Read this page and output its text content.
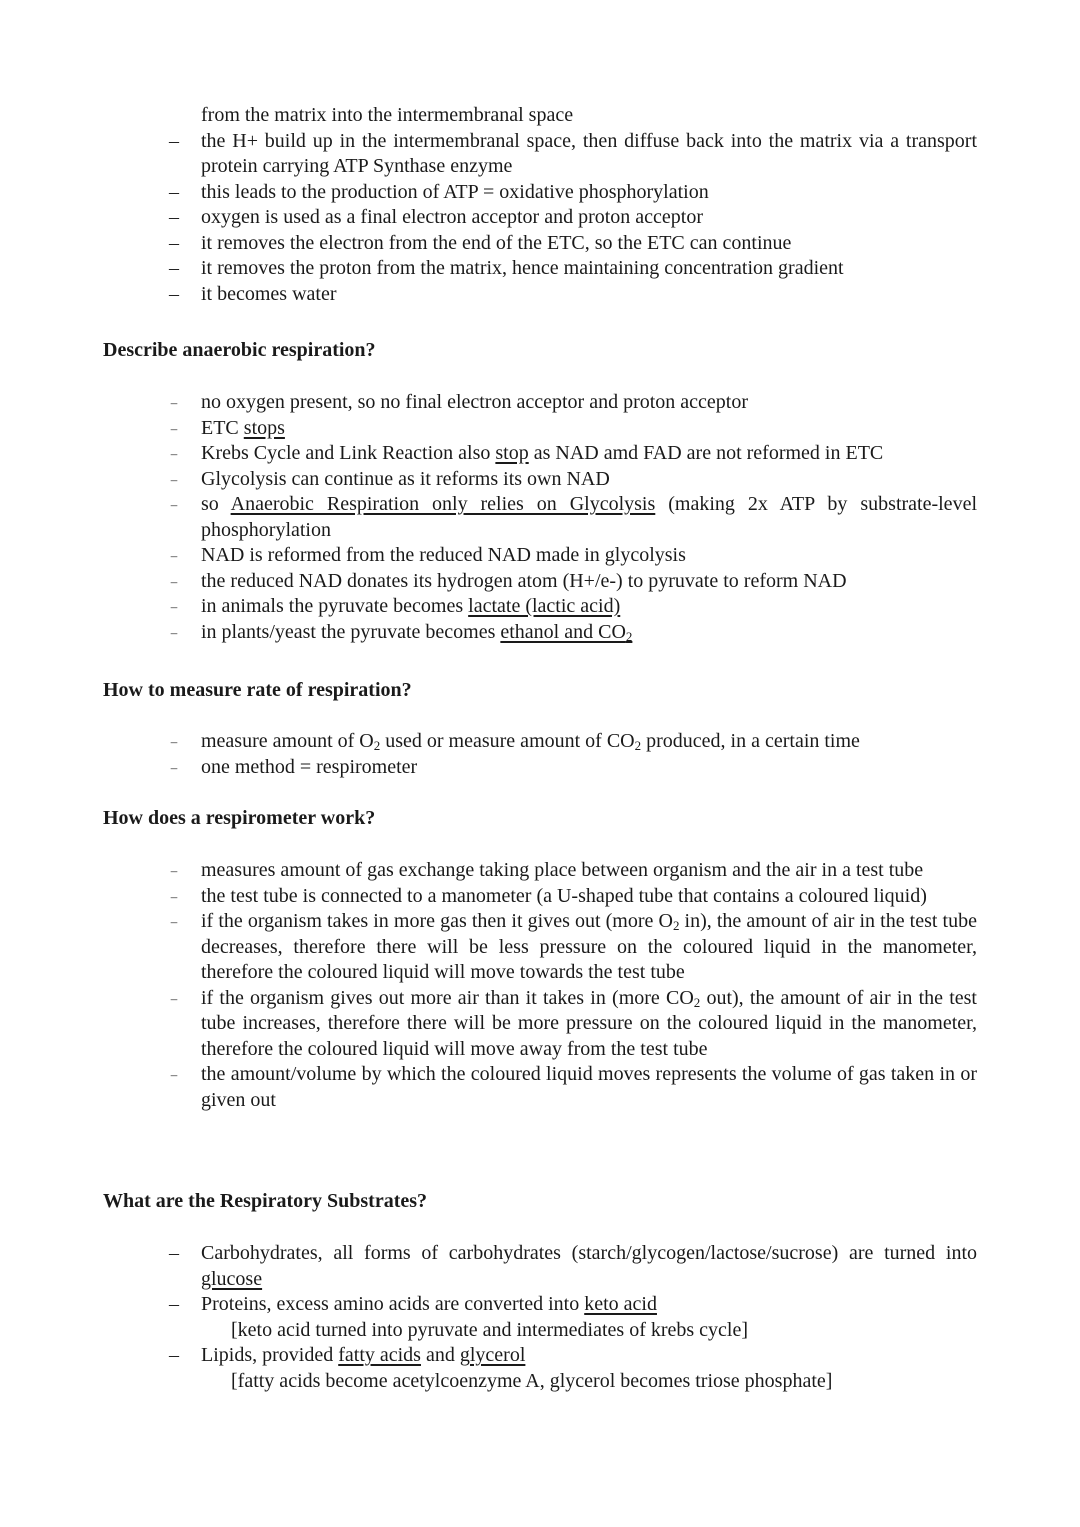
from the matrix into the intermembranal space
– the H+ build up in the intermembranal space, then diffuse back into the matrix via a transport protein carrying ATP Synthase enzyme
– this leads to the production of ATP = oxidative phosphorylation
– oxygen is used as a final electron acceptor and proton acceptor
– it removes the electron from the end of the ETC, so the ETC can continue
– it removes the proton from the matrix, hence maintaining concentration gradient
– it becomes water
Describe anaerobic respiration?
– no oxygen present, so no final electron acceptor and proton acceptor
– ETC stops
– Krebs Cycle and Link Reaction also stop as NAD amd FAD are not reformed in ETC
– Glycolysis can continue as it reforms its own NAD
– so Anaerobic Respiration only relies on Glycolysis (making 2x ATP by substrate-level phosphorylation
– NAD is reformed from the reduced NAD made in glycolysis
– the reduced NAD donates its hydrogen atom (H+/e-) to pyruvate to reform NAD
– in animals the pyruvate becomes lactate (lactic acid)
– in plants/yeast the pyruvate becomes ethanol and $CO_2$
How to measure rate of respiration?
– measure amount of $O_2$ used or measure amount of $CO_2$ produced, in a certain time
– one method = respirometer
How does a respirometer work?
– measures amount of gas exchange taking place between organism and the air in a test tube
– the test tube is connected to a manometer (a U-shaped tube that contains a coloured liquid)
– if the organism takes in more gas then it gives out (more $O_2$ in), the amount of air in the test tube decreases, therefore there will be less pressure on the coloured liquid in the manometer, therefore the coloured liquid will move towards the test tube
– if the organism gives out more air than it takes in (more $CO_2$ out), the amount of air in the test tube increases, therefore there will be more pressure on the coloured liquid in the manometer, therefore the coloured liquid will move away from the test tube
– the amount/volume by which the coloured liquid moves represents the volume of gas taken in or given out
What are the Respiratory Substrates?
– Carbohydrates, all forms of carbohydrates (starch/glycogen/lactose/sucrose) are turned into glucose
– Proteins, excess amino acids are converted into keto acid
[keto acid turned into pyruvate and intermediates of krebs cycle]
– Lipids, provided fatty acids and glycerol
[fatty acids become acetylcoenzyme A, glycerol becomes triose phosphate]
